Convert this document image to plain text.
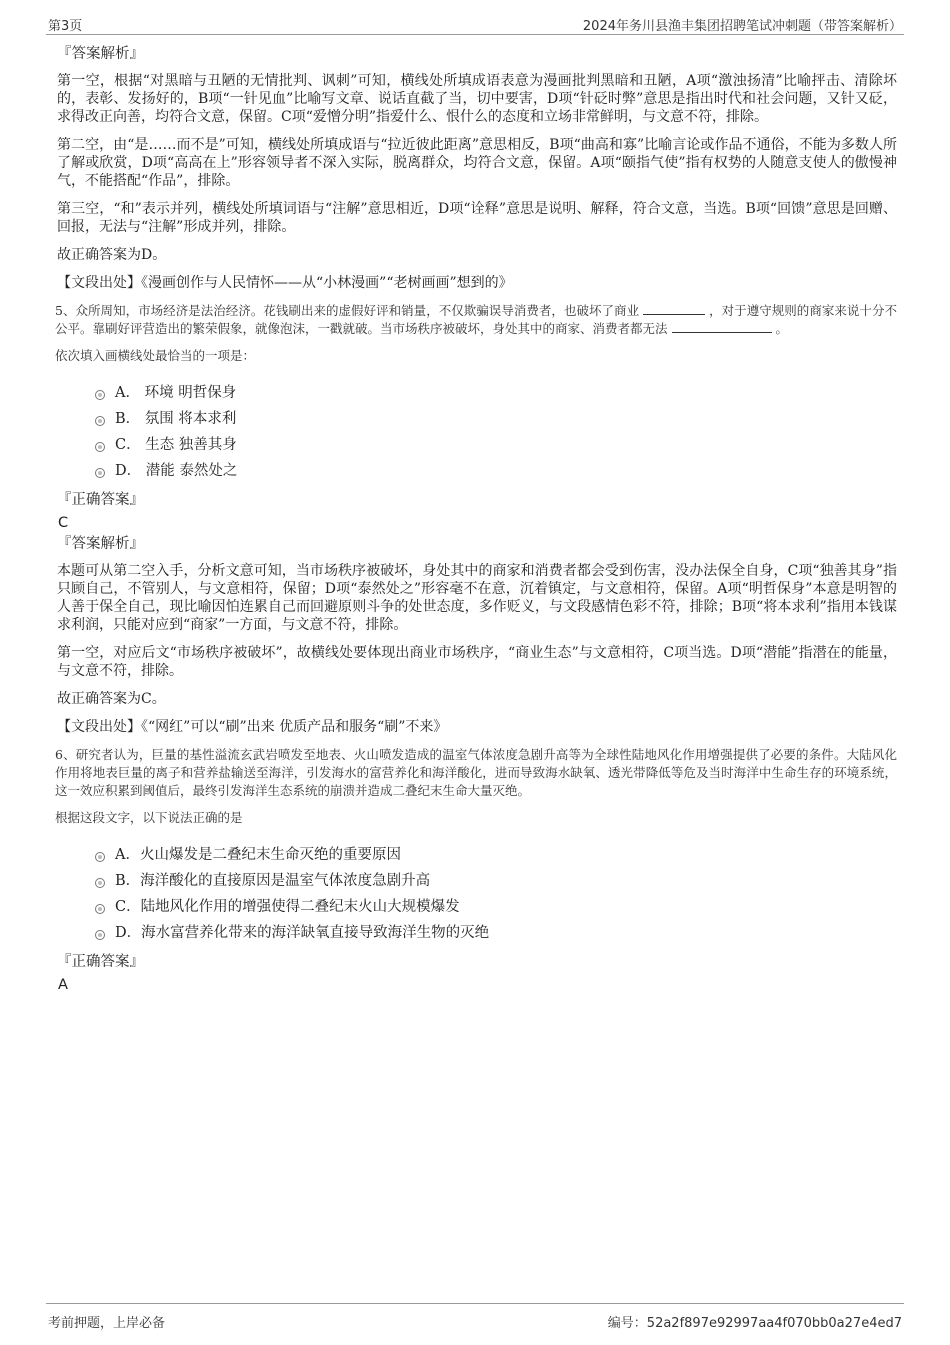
第3页	2024年务川县渔丰集团招聘笔试冲刺题（带答案解析）
『答案解析』
第一空，根据“对黑暗与丑陋的无情批判、讽刺”可知，横线处所填成语表意为漫画批判黑暗和丑陋，A项“激浊扬清”比喻抨击、清除坏的，表彰、发扬好的，B项“一针见血”比喻写文章、说话直截了当，切中要害，D项“针砭时弊”意思是指出时代和社会问题，又针又砭，求得改正向善，均符合文意，保留。C项“爱憎分明”指爱什么、恨什么的态度和立场非常鲜明，与文意不符，排除。
第二空，由“是……而不是”可知，横线处所填成语与“拉近彼此距离”意思相反，B项“曲高和寡”比喻言论或作品不通俗，不能为多数人所了解或欣赏，D项“高高在上”形容领导者不深入实际，脱离群众，均符合文意，保留。A项“颐指气使”指有权势的人随意支使人的傲慢神气，不能搭配“作品”，排除。
第三空，“和”表示并列，横线处所填词语与“注解”意思相近，D项“诠释”意思是说明、解释，符合文意，当选。B项“回馈”意思是回赠、回报，无法与“注解”形成并列，排除。
故正确答案为D。
【文段出处】《漫画创作与人民情怀——从“小林漫画”“老树画画”想到的》
5、众所周知，市场经济是法治经济。花钱刷出来的虚假好评和销量，不仅欺骗误导消费者，也破坏了商业	，对于遵守规则的商家来说十分不公平。靠刷好评营造出的繁荣假象，就像泡沫，一戳就破。当市场秩序被破坏，身处其中的商家、消费者都无法	。
依次填入画横线处最恰当的一项是：
A． 环境 明哲保身
B． 氛围 将本求利
C． 生态 独善其身
D． 潜能 泰然处之
『正确答案』
C
『答案解析』
本题可从第二空入手，分析文意可知，当市场秩序被破坏，身处其中的商家和消费者都会受到伤害，没办法保全自身，C项“独善其身”指只顾自己，不管别人，与文意相符，保留；D项“泰然处之”形容毫不在意，沉着镇定，与文意相符，保留。A项“明哲保身”本意是明智的人善于保全自己，现比喻因怕连累自己而回避原则斗争的处世态度，多作贬义，与文段感情色彩不符，排除；B项“将本求利”指用本钱谋求利润，只能对应到“商家”一方面，与文意不符，排除。
第一空，对应后文“市场秩序被破坏”，故横线处要体现出商业市场秩序，“商业生态”与文意相符，C项当选。D项“潜能”指潜在的能量，与文意不符，排除。
故正确答案为C。
【文段出处】《“网红”可以“刷”出来 优质产品和服务“刷”不来》
6、研究者认为，巨量的基性溢流玄武岩喷发至地表、火山喷发造成的温室气体浓度急剧升高等为全球性陆地风化作用增强提供了必要的条件。大陆风化作用将地表巨量的离子和营养盐输送至海洋，引发海水的富营养化和海洋酸化，进而导致海水缺氧、透光带降低等危及当时海洋中生命生存的环境系统，这一效应积累到阈值后，最终引发海洋生态系统的崩溃并造成二叠纪末生命大量灭绝。
根据这段文字，以下说法正确的是
A．火山爆发是二叠纪末生命灭绝的重要原因
B．海洋酸化的直接原因是温室气体浓度急剧升高
C．陆地风化作用的增强使得二叠纪末火山大规模爆发
D．海水富营养化带来的海洋缺氧直接导致海洋生物的灭绝
『正确答案』
A
考前押题，上岸必备	编号：52a2f897e92997aa4f070bb0a27e4ed7
